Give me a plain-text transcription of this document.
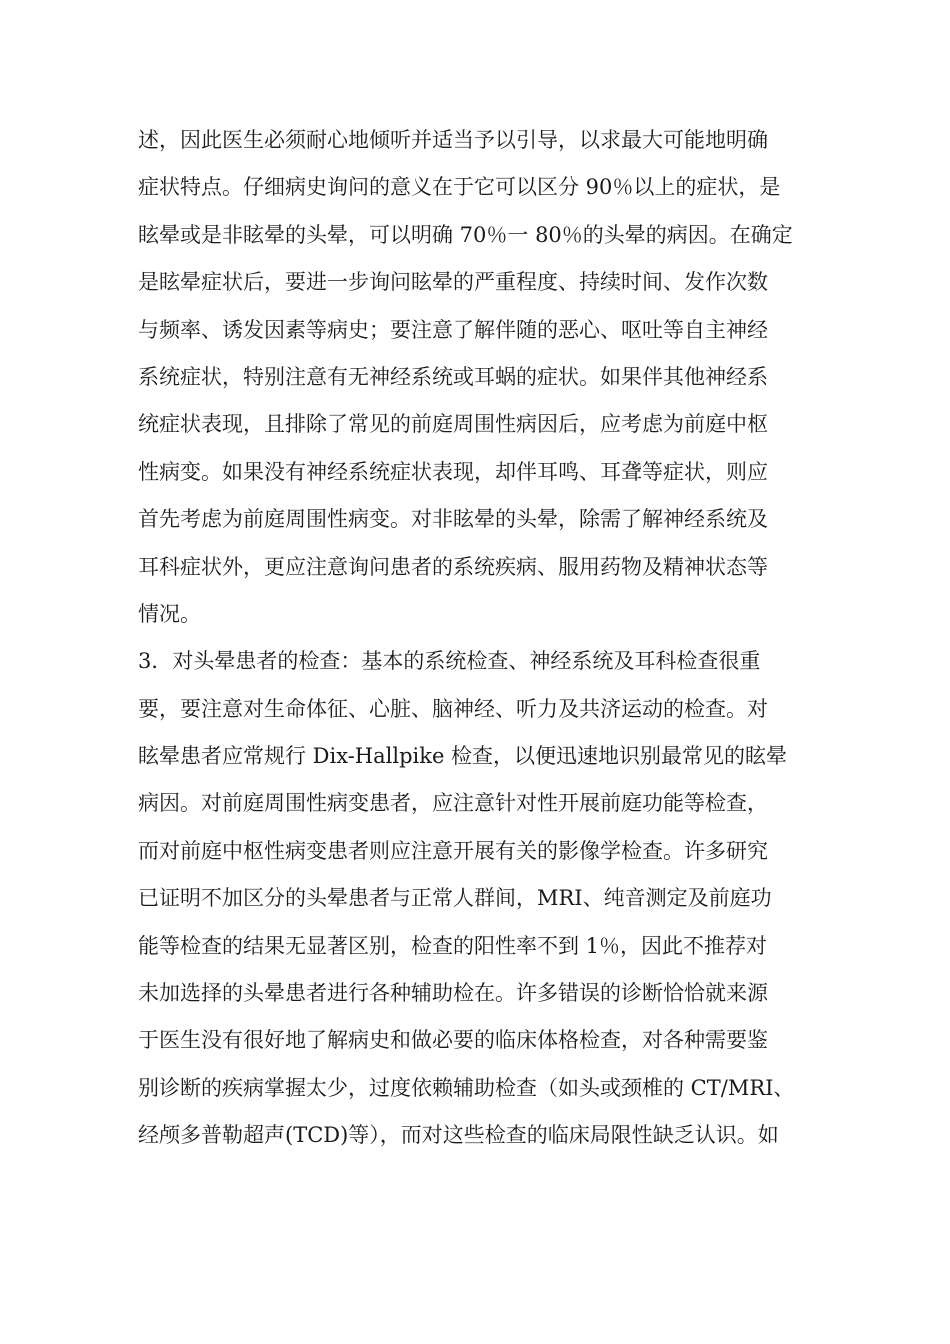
述，因此医生必须耐心地倾听并适当予以引导，以求最大可能地明确
症状特点。仔细病史询问的意义在于它可以区分 90％以上的症状，是
眩晕或是非眩晕的头晕，可以明确 70％一 80％的头晕的病因。在确定
是眩晕症状后，要进一步询问眩晕的严重程度、持续时间、发作次数
与频率、诱发因素等病史；要注意了解伴随的恶心、呕吐等自主神经
系统症状，特别注意有无神经系统或耳蜗的症状。如果伴其他神经系
统症状表现，且排除了常见的前庭周围性病因后，应考虑为前庭中枢
性病变。如果没有神经系统症状表现，却伴耳鸣、耳聋等症状，则应
首先考虑为前庭周围性病变。对非眩晕的头晕，除需了解神经系统及
耳科症状外，更应注意询问患者的系统疾病、服用药物及精神状态等
情况。
3．对头晕患者的检查：基本的系统检查、神经系统及耳科检查很重
要，要注意对生命体征、心脏、脑神经、听力及共济运动的检查。对
眩晕患者应常规行 Dix-Hallpike 检查，以便迅速地识别最常见的眩晕
病因。对前庭周围性病变患者，应注意针对性开展前庭功能等检查，
而对前庭中枢性病变患者则应注意开展有关的影像学检查。许多研究
已证明不加区分的头晕患者与正常人群间，MRI、纯音测定及前庭功
能等检查的结果无显著区别，检查的阳性率不到 1％，因此不推荐对
未加选择的头晕患者进行各种辅助检在。许多错误的诊断恰恰就来源
于医生没有很好地了解病史和做必要的临床体格检查，对各种需要鉴
别诊断的疾病掌握太少，过度依赖辅助检查（如头或颈椎的 CT/MRI、
经颅多普勒超声(TCD)等），而对这些检查的临床局限性缺乏认识。如
